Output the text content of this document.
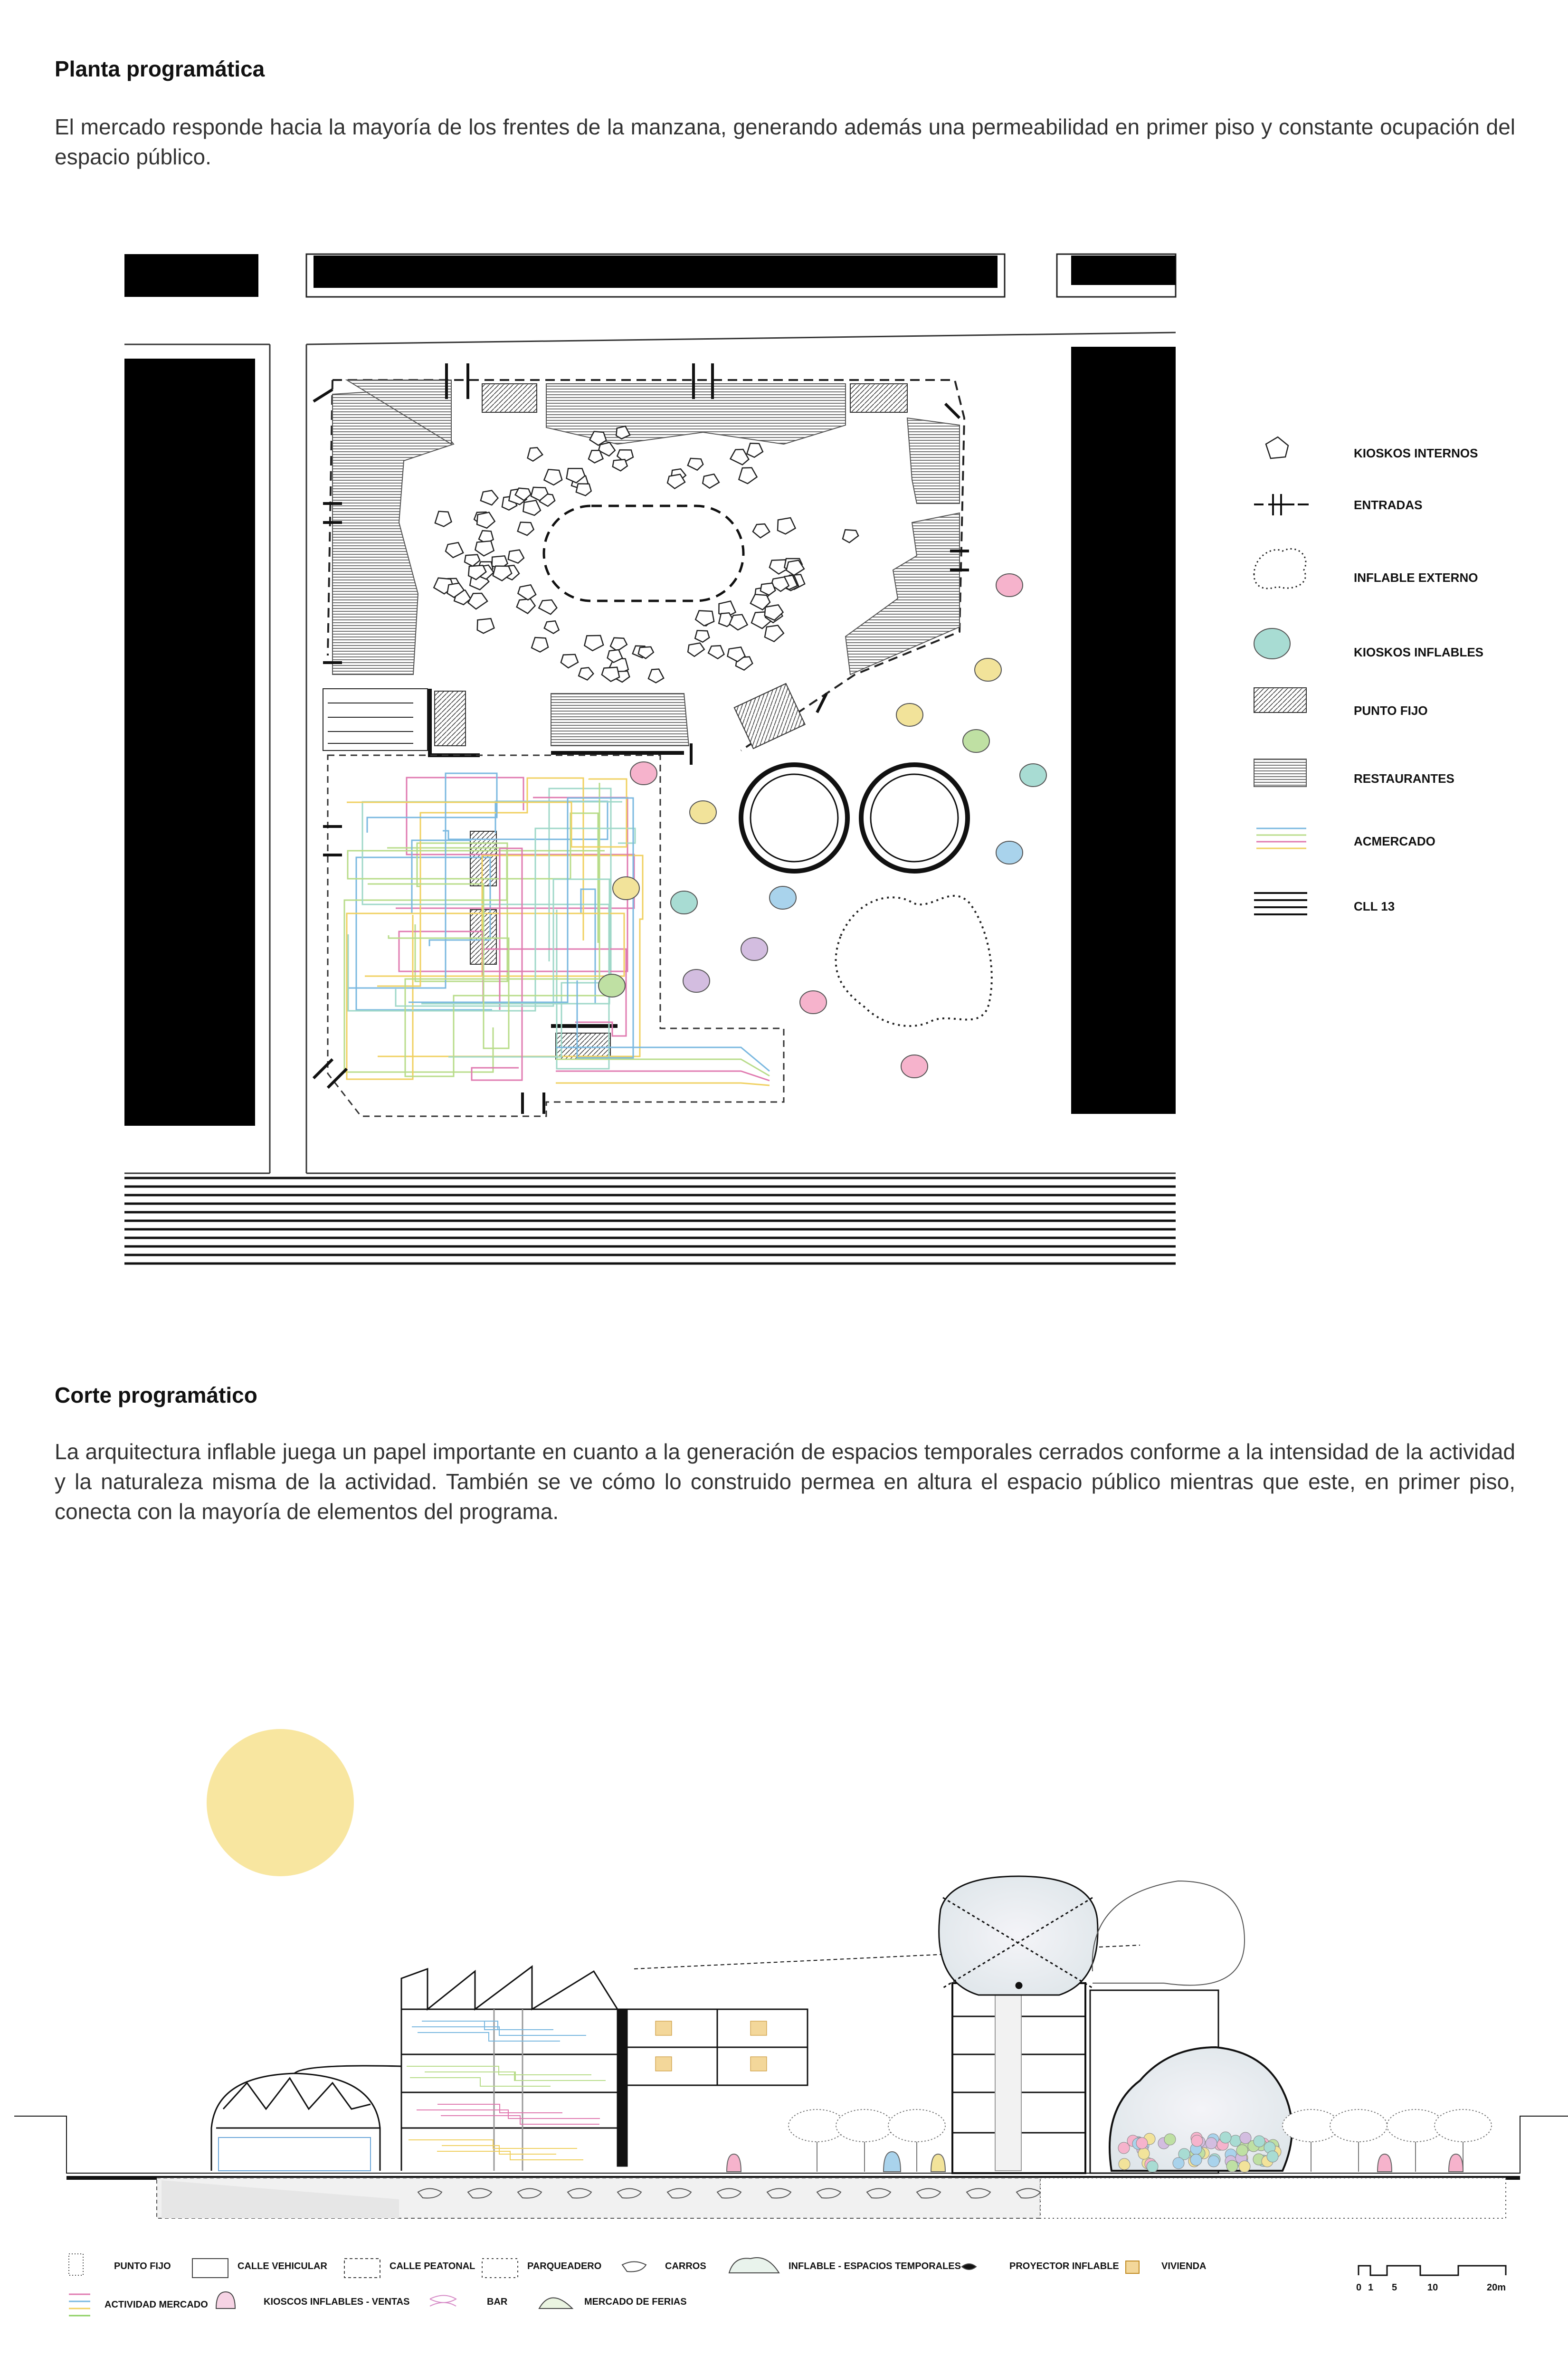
Planta programática
El mercado responde hacia la mayoría de los frentes de la manzana, generando además una permeabilidad en primer piso y constante ocupación del espacio público.
Corte programático
La arquitectura inflable juega un papel importante en cuanto a la generación de espacios temporales cerrados conforme a la intensidad de la actividad y la naturaleza misma de la actividad. También se ve cómo lo construido permea en altura el espacio público mientras que este, en primer piso, conecta con la mayoría de elementos del programa.
KIOSKOS INTERNOS
ENTRADAS
INFLABLE EXTERNO
KIOSKOS INFLABLES
PUNTO FIJO
RESTAURANTES
ACMERCADO
CLL 13
PUNTO FIJO	CALLE VEHICULAR	CALLE PEATONAL	PARQUEADERO	CARROS	INFLABLE - ESPACIOS TEMPORALES	PROYECTOR INFLABLE	VIVIENDA
ACTIVIDAD MERCADO	KIOSCOS INFLABLES - VENTAS	BAR	MERCADO DE FERIAS
0 1 5	10	20m
